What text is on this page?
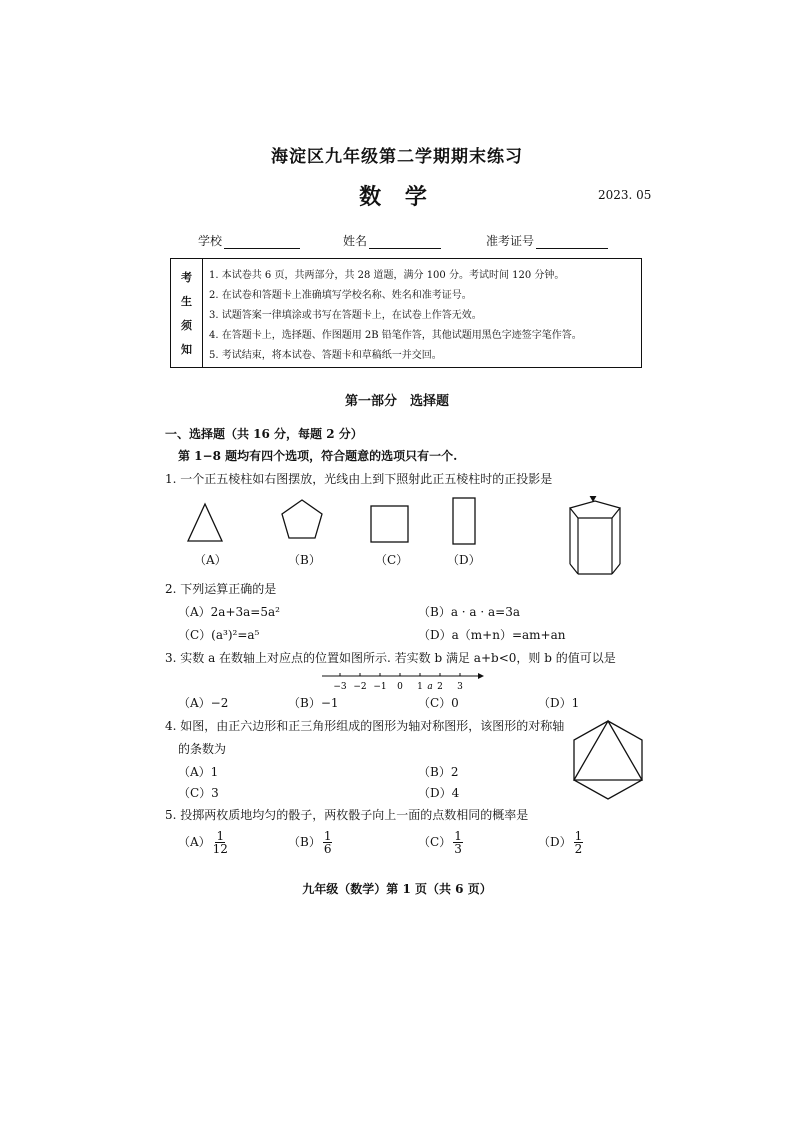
海淀区九年级第二学期期末练习
数 学	2023. 05
学校	姓名	准考证号
考
生
须
知
1. 本试卷共 6 页，共两部分，共 28 道题，满分 100 分。考试时间 120 分钟。
2. 在试卷和答题卡上准确填写学校名称、姓名和准考证号。
3. 试题答案一律填涂或书写在答题卡上，在试卷上作答无效。
4. 在答题卡上，选择题、作图题用 2B 铅笔作答，其他试题用黑色字迹签字笔作答。
5. 考试结束，将本试卷、答题卡和草稿纸一并交回。
第一部分　选择题
一、选择题（共 16 分，每题 2 分）
第 1−8 题均有四个选项，符合题意的选项只有一个.
1. 一个正五棱柱如右图摆放，光线由上到下照射此正五棱柱时的正投影是
（A）	（B）	（C）	（D）
2. 下列运算正确的是
（A）2a+3a=5a²	（B）a · a · a=3a
（C）(a³)²=a⁵	（D）a（m+n）=am+an
3. 实数 a 在数轴上对应点的位置如图所示. 若实数 b 满足 a+b<0，则 b 的值可以是
−3 −2 −1 0 1 2 3
a
（A）−2	（B）−1	（C）0	（D）1
4. 如图，由正六边形和正三角形组成的图形为轴对称图形，该图形的对称轴
的条数为
（A）1	（B）2
（C）3	（D）4
5. 投掷两枚质地均匀的骰子，两枚骰子向上一面的点数相同的概率是
$(A) \frac{1}{12}$	$(B) \frac{1}{6}$	$(C) \frac{1}{3}$	$(D) \frac{1}{2}$
九年级（数学）第 1 页（共 6 页）
